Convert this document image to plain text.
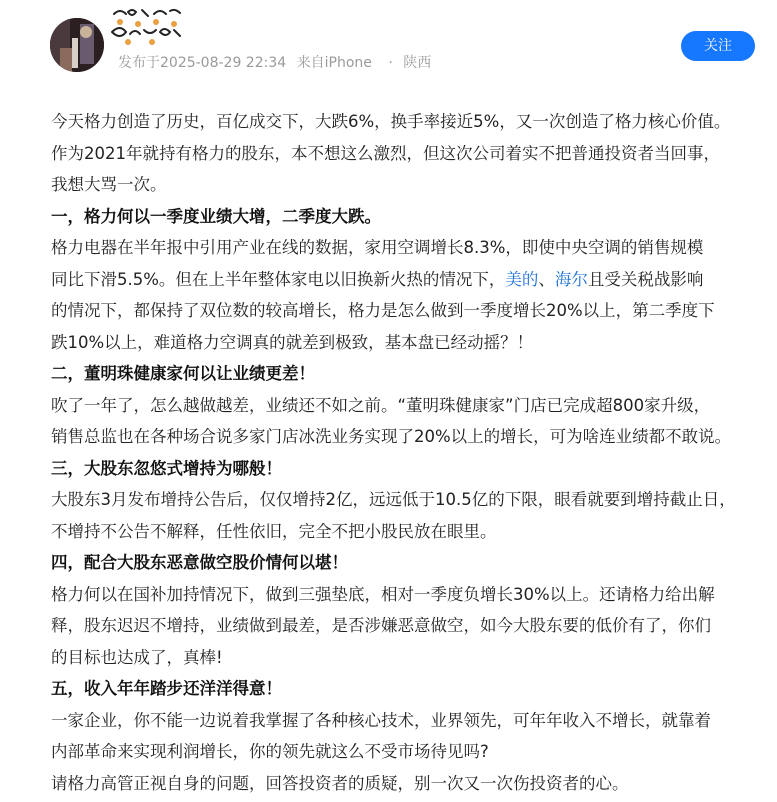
发布于2025-08-29 22:34 来自iPhone · 陕西
关注

今天格力创造了历史，百亿成交下，大跌6%，换手率接近5%，又一次创造了格力核心价值。

作为2021年就持有格力的股东，本不想这么激烈，但这次公司着实不把普通投资者当回事，

我想大骂一次。

一，格力何以一季度业绩大增，二季度大跌。

格力电器在半年报中引用产业在线的数据，家用空调增长8.3%，即使中央空调的销售规模

同比下滑5.5%。但在上半年整体家电以旧换新火热的情况下，美的、海尔且受关税战影响

的情况下，都保持了双位数的较高增长，格力是怎么做到一季度增长20%以上，第二季度下

跌10%以上，难道格力空调真的就差到极致，基本盘已经动摇？！

二，董明珠健康家何以让业绩更差！

吹了一年了，怎么越做越差，业绩还不如之前。“董明珠健康家”门店已完成超800家升级，

销售总监也在各种场合说多家门店冰洗业务实现了20%以上的增长，可为啥连业绩都不敢说。

三，大股东忽悠式增持为哪般！

大股东3月发布增持公告后，仅仅增持2亿，远远低于10.5亿的下限，眼看就要到增持截止日，

不增持不公告不解释，任性依旧，完全不把小股民放在眼里。

四，配合大股东恶意做空股价情何以堪！

格力何以在国补加持情况下，做到三强垫底，相对一季度负增长30%以上。还请格力给出解

释，股东迟迟不增持，业绩做到最差，是否涉嫌恶意做空，如今大股东要的低价有了，你们

的目标也达成了，真棒!

五，收入年年踏步还洋洋得意！

一家企业，你不能一边说着我掌握了各种核心技术，业界领先，可年年收入不增长，就靠着

内部革命来实现利润增长，你的领先就这么不受市场待见吗?

请格力高管正视自身的问题，回答投资者的质疑，别一次又一次伤投资者的心。
